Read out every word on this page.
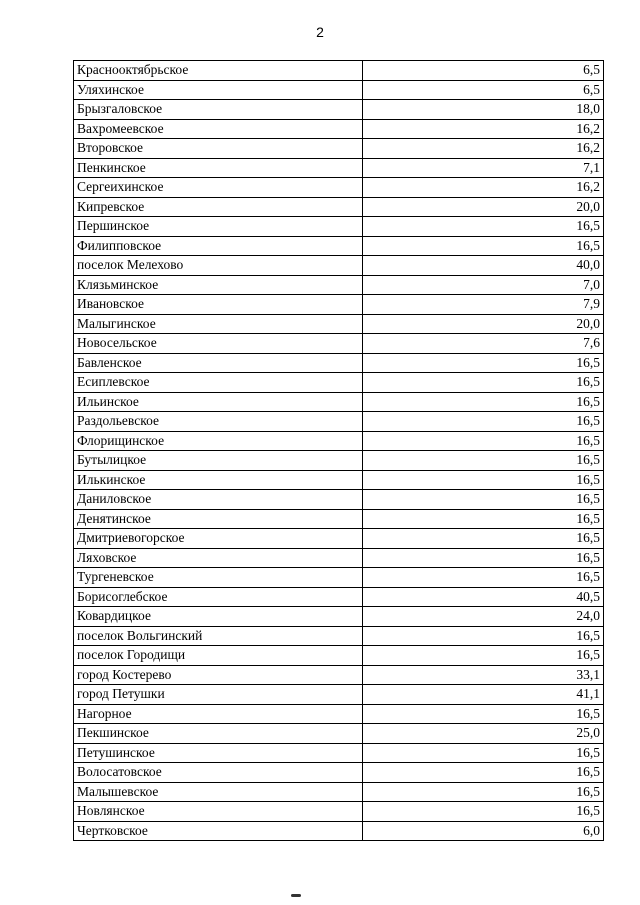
2
Краснооктябрьское	6,5
Уляхинское	6,5
Брызгаловское	18,0
Вахромеевское	16,2
Второвское	16,2
Пенкинское	7,1
Сергеихинское	16,2
Кипревское	20,0
Першинское	16,5
Филипповское	16,5
поселок Мелехово	40,0
Клязьминское	7,0
Ивановское	7,9
Малыгинское	20,0
Новосельское	7,6
Бавленское	16,5
Есиплевское	16,5
Ильинское	16,5
Раздольевское	16,5
Флорищинское	16,5
Бутылицкое	16,5
Илькинское	16,5
Даниловское	16,5
Денятинское	16,5
Дмитриевогорское	16,5
Ляховское	16,5
Тургеневское	16,5
Борисоглебское	40,5
Ковардицкое	24,0
поселок Вольгинский	16,5
поселок Городищи	16,5
город Костерево	33,1
город Петушки	41,1
Нагорное	16,5
Пекшинское	25,0
Петушинское	16,5
Волосатовское	16,5
Малышевское	16,5
Новлянское	16,5
Чертковское	6,0
